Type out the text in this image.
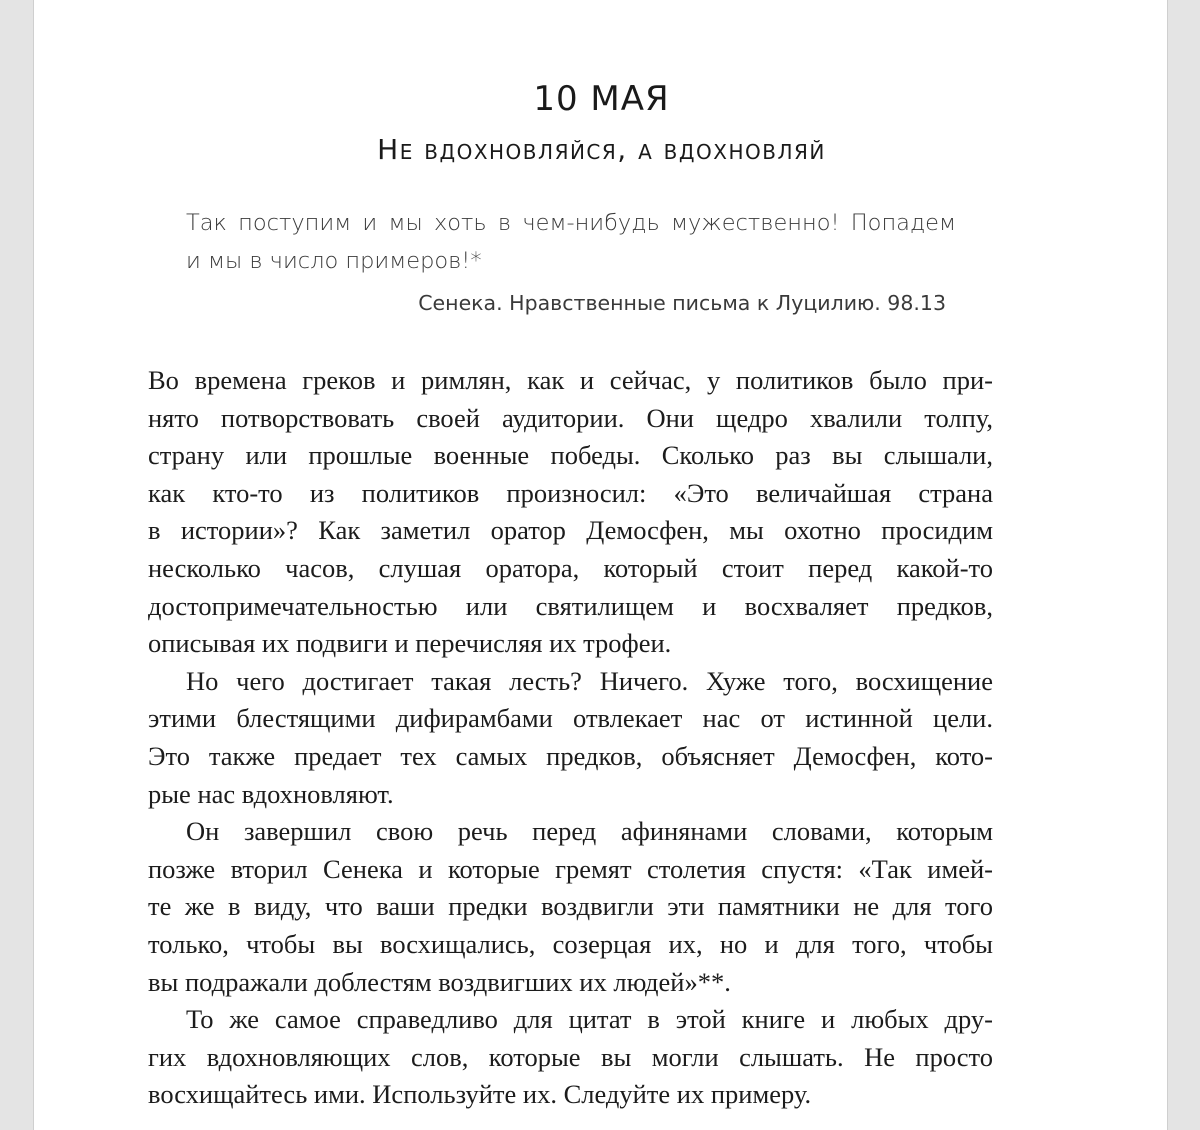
10 МАЯ
Не вдохновляйся, а вдохновляй
Так поступим и мы хоть в чем-нибудь мужественно! Попадем
и мы в число примеров!*
Сенека. Нравственные письма к Луцилию. 98.13
Во времена греков и римлян, как и сейчас, у политиков было при-
нято потворствовать своей аудитории. Они щедро хвалили толпу,
страну или прошлые военные победы. Сколько раз вы слышали,
как кто-то из политиков произносил: «Это величайшая страна
в истории»? Как заметил оратор Демосфен, мы охотно просидим
несколько часов, слушая оратора, который стоит перед какой-то
достопримечательностью или святилищем и восхваляет предков,
описывая их подвиги и перечисляя их трофеи.
Но чего достигает такая лесть? Ничего. Хуже того, восхищение
этими блестящими дифирамбами отвлекает нас от истинной цели.
Это также предает тех самых предков, объясняет Демосфен, кото-
рые нас вдохновляют.
Он завершил свою речь перед афинянами словами, которым
позже вторил Сенека и которые гремят столетия спустя: «Так имей-
те же в виду, что ваши предки воздвигли эти памятники не для того
только, чтобы вы восхищались, созерцая их, но и для того, чтобы
вы подражали доблестям воздвигших их людей»**.
То же самое справедливо для цитат в этой книге и любых дру-
гих вдохновляющих слов, которые вы могли слышать. Не просто
восхищайтесь ими. Используйте их. Следуйте их примеру.
